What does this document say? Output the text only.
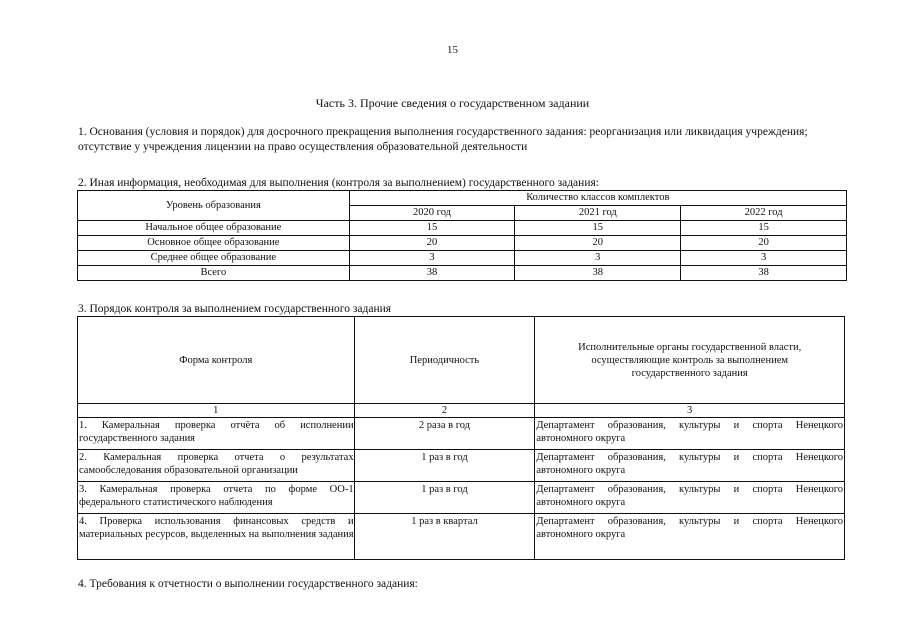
15
Часть 3. Прочие сведения о государственном задании
1. Основания (условия и порядок) для досрочного прекращения выполнения государственного задания: реорганизация или ликвидация учреждения; отсутствие у учреждения лицензии на право осуществления образовательной деятельности
2. Иная информация, необходимая для выполнения (контроля за выполнением) государственного задания:
Уровень образования	Количество классов комплектов		
	2020 год	2021 год	2022 год
Начальное общее образование	15	15	15
Основное общее образование	20	20	20
Среднее общее образование	3	3	3
Всего	38	38	38
3. Порядок контроля за выполнением государственного задания
Форма контроля	Периодичность	Исполнительные органы государственной власти, осуществляющие контроль за выполнением государственного задания
1	2	3
1. Камеральная проверка отчёта об исполнении государственного задания	2 раза в год	Департамент образования, культуры и спорта Ненецкого автономного округа
2. Камеральная проверка отчета о результатах самообследования образовательной организации	1 раз в год	Департамент образования, культуры и спорта Ненецкого автономного округа
3. Камеральная проверка отчета по форме ОО-1 федерального статистического наблюдения	1 раз в год	Департамент образования, культуры и спорта Ненецкого автономного округа
4. Проверка использования финансовых средств и материальных ресурсов, выделенных на выполнения задания	1 раз в квартал	Департамент образования, культуры и спорта Ненецкого автономного округа
4. Требования к отчетности о выполнении государственного задания:
